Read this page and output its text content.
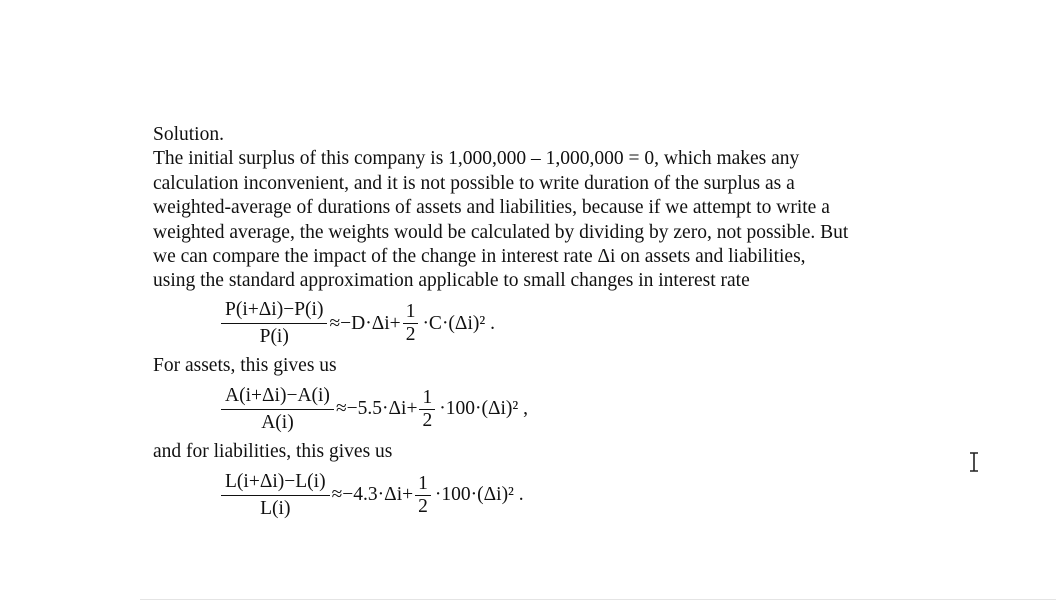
Solution.
The initial surplus of this company is 1,000,000 – 1,000,000 = 0, which makes any
calculation inconvenient, and it is not possible to write duration of the surplus as a
weighted-average of durations of assets and liabilities, because if we attempt to write a
weighted average, the weights would be calculated by dividing by zero, not possible. But
we can compare the impact of the change in interest rate Δi on assets and liabilities,
using the standard approximation applicable to small changes in interest rate
$\frac{P(i+\Delta i)-P(i)}{P(i)} \approx-D\cdot\Delta i+ \frac{1}{2} \cdot C\cdot(\Delta i)^2$ .
For assets, this gives us
$\frac{A(i+\Delta i)-A(i)}{A(i)} \approx-5.5\cdot\Delta i+ \frac{1}{2} \cdot 100\cdot(\Delta i)^2$ ,
and for liabilities, this gives us
$\frac{L(i+\Delta i)-L(i)}{L(i)} \approx-4.3\cdot\Delta i+ \frac{1}{2} \cdot 100\cdot(\Delta i)^2$ .
